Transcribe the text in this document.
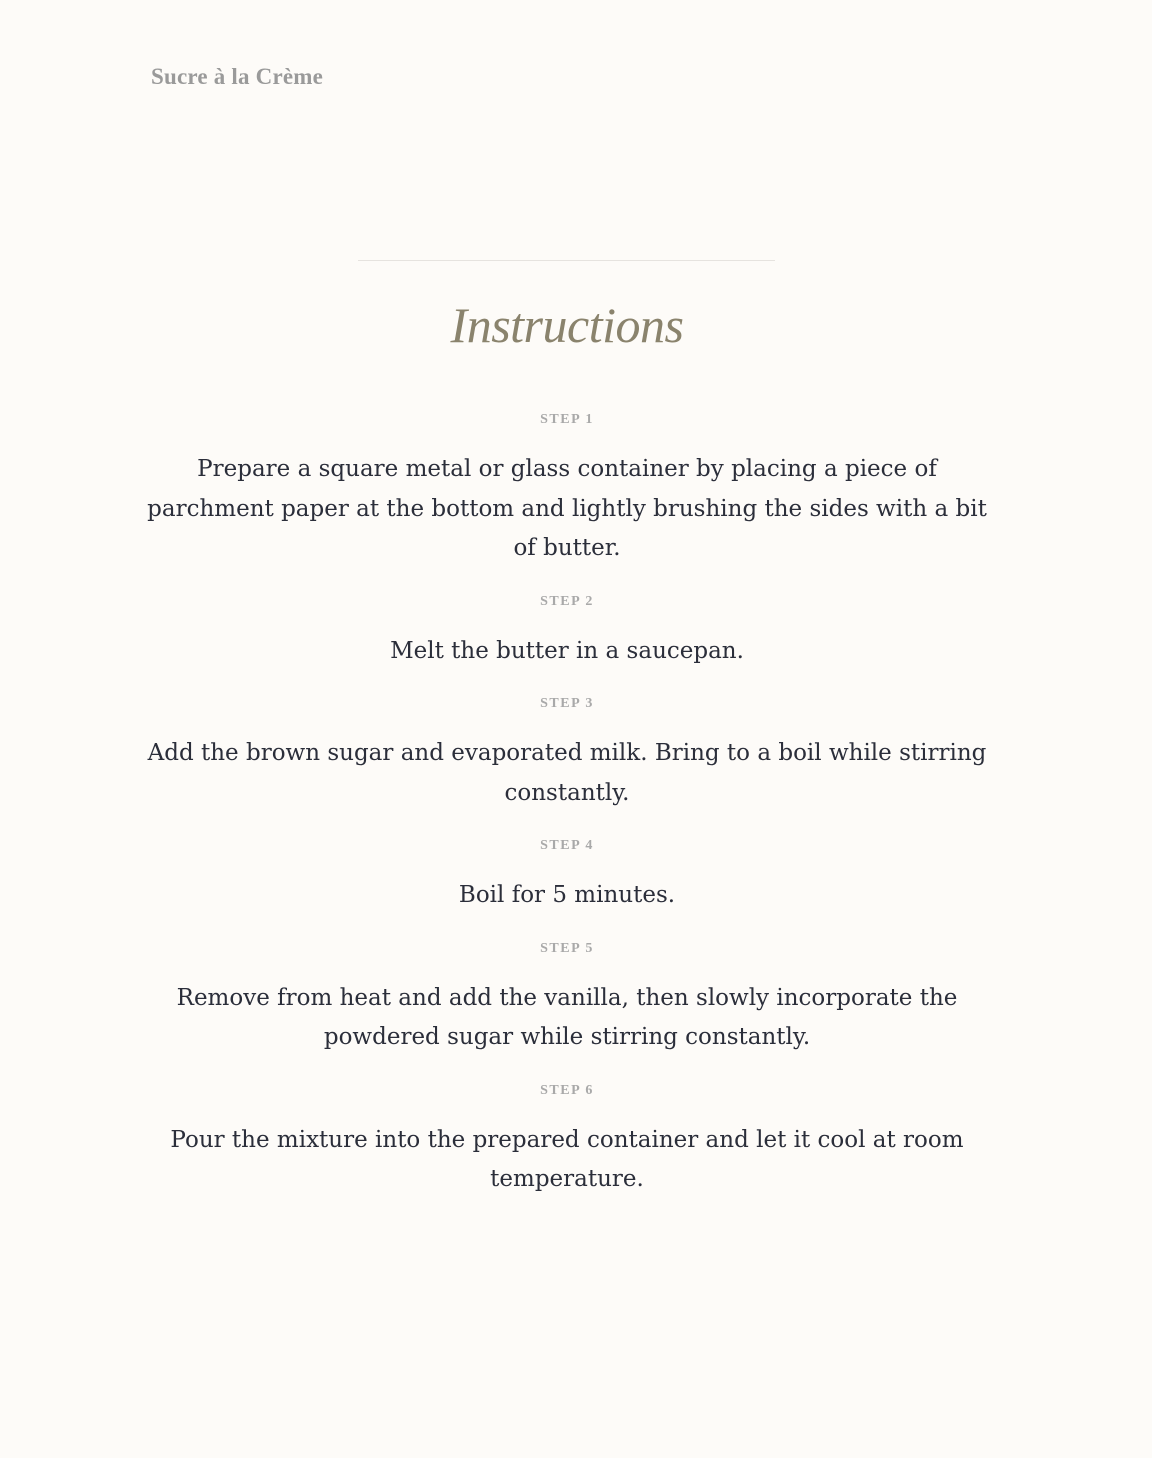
Sucre à la Crème
Instructions
STEP 1
Prepare a square metal or glass container by placing a piece of parchment paper at the bottom and lightly brushing the sides with a bit of butter.
STEP 2
Melt the butter in a saucepan.
STEP 3
Add the brown sugar and evaporated milk. Bring to a boil while stirring constantly.
STEP 4
Boil for 5 minutes.
STEP 5
Remove from heat and add the vanilla, then slowly incorporate the powdered sugar while stirring constantly.
STEP 6
Pour the mixture into the prepared container and let it cool at room temperature.
